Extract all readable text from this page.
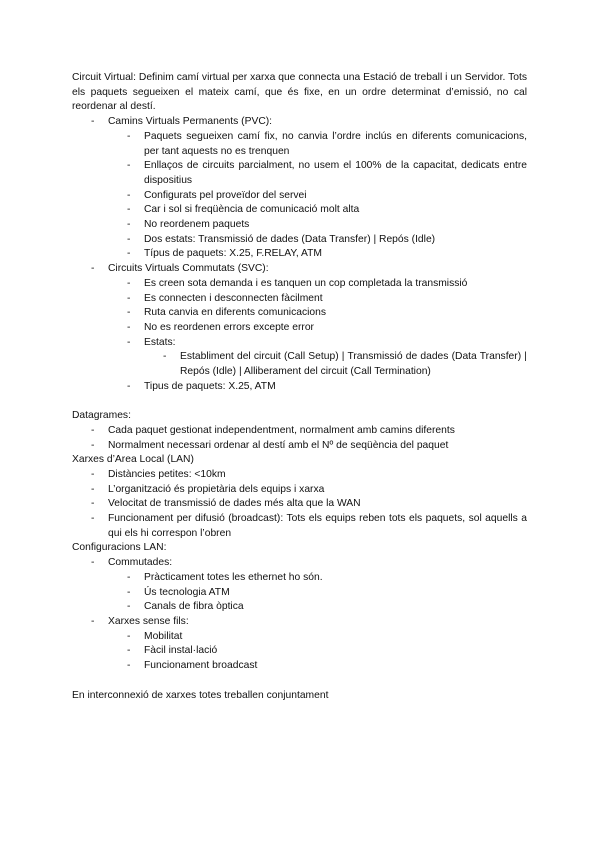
Circuit Virtual: Definim camí virtual per xarxa que connecta una Estació de treball i un Servidor. Tots els paquets segueixen el mateix camí, que és fixe, en un ordre determinat d’emissió, no cal reordenar al destí.

- Camins Virtuals Permanents (PVC):
- Paquets segueixen camí fix, no canvia l’ordre inclús en diferents comunicacions, per tant aquests no es trenquen
- Enllaços de circuits parcialment, no usem el 100% de la capacitat, dedicats entre dispositius
- Configurats pel proveïdor del servei
- Car i sol si freqüència de comunicació molt alta
- No reordenem paquets
- Dos estats: Transmissió de dades (Data Transfer) | Repós (Idle)
- Típus de paquets: X.25, F.RELAY, ATM
- Circuits Virtuals Commutats (SVC):
- Es creen sota demanda i es tanquen un cop completada la transmissió
- Es connecten i desconnecten fàcilment
- Ruta canvia en diferents comunicacions
- No es reordenen errors excepte error
- Estats:
- Establiment del circuit (Call Setup) | Transmissió de dades (Data Transfer) | Repós (Idle) | Alliberament del circuit (Call Termination)
- Tipus de paquets: X.25, ATM

Datagrames:

- Cada paquet gestionat independentment, normalment amb camins diferents
- Normalment necessari ordenar al destí amb el Nº de seqüència del paquet

Xarxes d’Area Local (LAN)

- Distàncies petites: <10km
- L’organització és propietària dels equips i xarxa
- Velocitat de transmissió de dades més alta que la WAN
- Funcionament per difusió (broadcast): Tots els equips reben tots els paquets, sol aquells a qui els hi correspon l’obren

Configuracions LAN:

- Commutades:
- Pràcticament totes les ethernet ho són.
- Ús tecnologia ATM
- Canals de fibra òptica
- Xarxes sense fils:
- Mobilitat
- Fàcil instal·lació
- Funcionament broadcast

En interconnexió de xarxes totes treballen conjuntament
